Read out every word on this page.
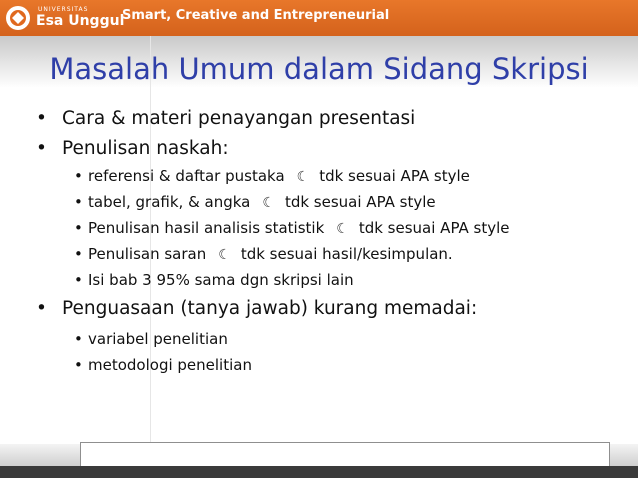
UNIVERSITAS
Esa Unggul
Smart, Creative and Entrepreneurial
Masalah Umum dalam Sidang Skripsi
• Cara & materi penayangan presentasi
• Penulisan naskah:
• referensi & daftar pustaka ☾ tdk sesuai APA style
• tabel, grafik, & angka ☾ tdk sesuai APA style
• Penulisan hasil analisis statistik ☾ tdk sesuai APA style
• Penulisan saran ☾ tdk sesuai hasil/kesimpulan.
• Isi bab 3 95% sama dgn skripsi lain
• Penguasaan (tanya jawab) kurang memadai:
• variabel penelitian
• metodologi penelitian
